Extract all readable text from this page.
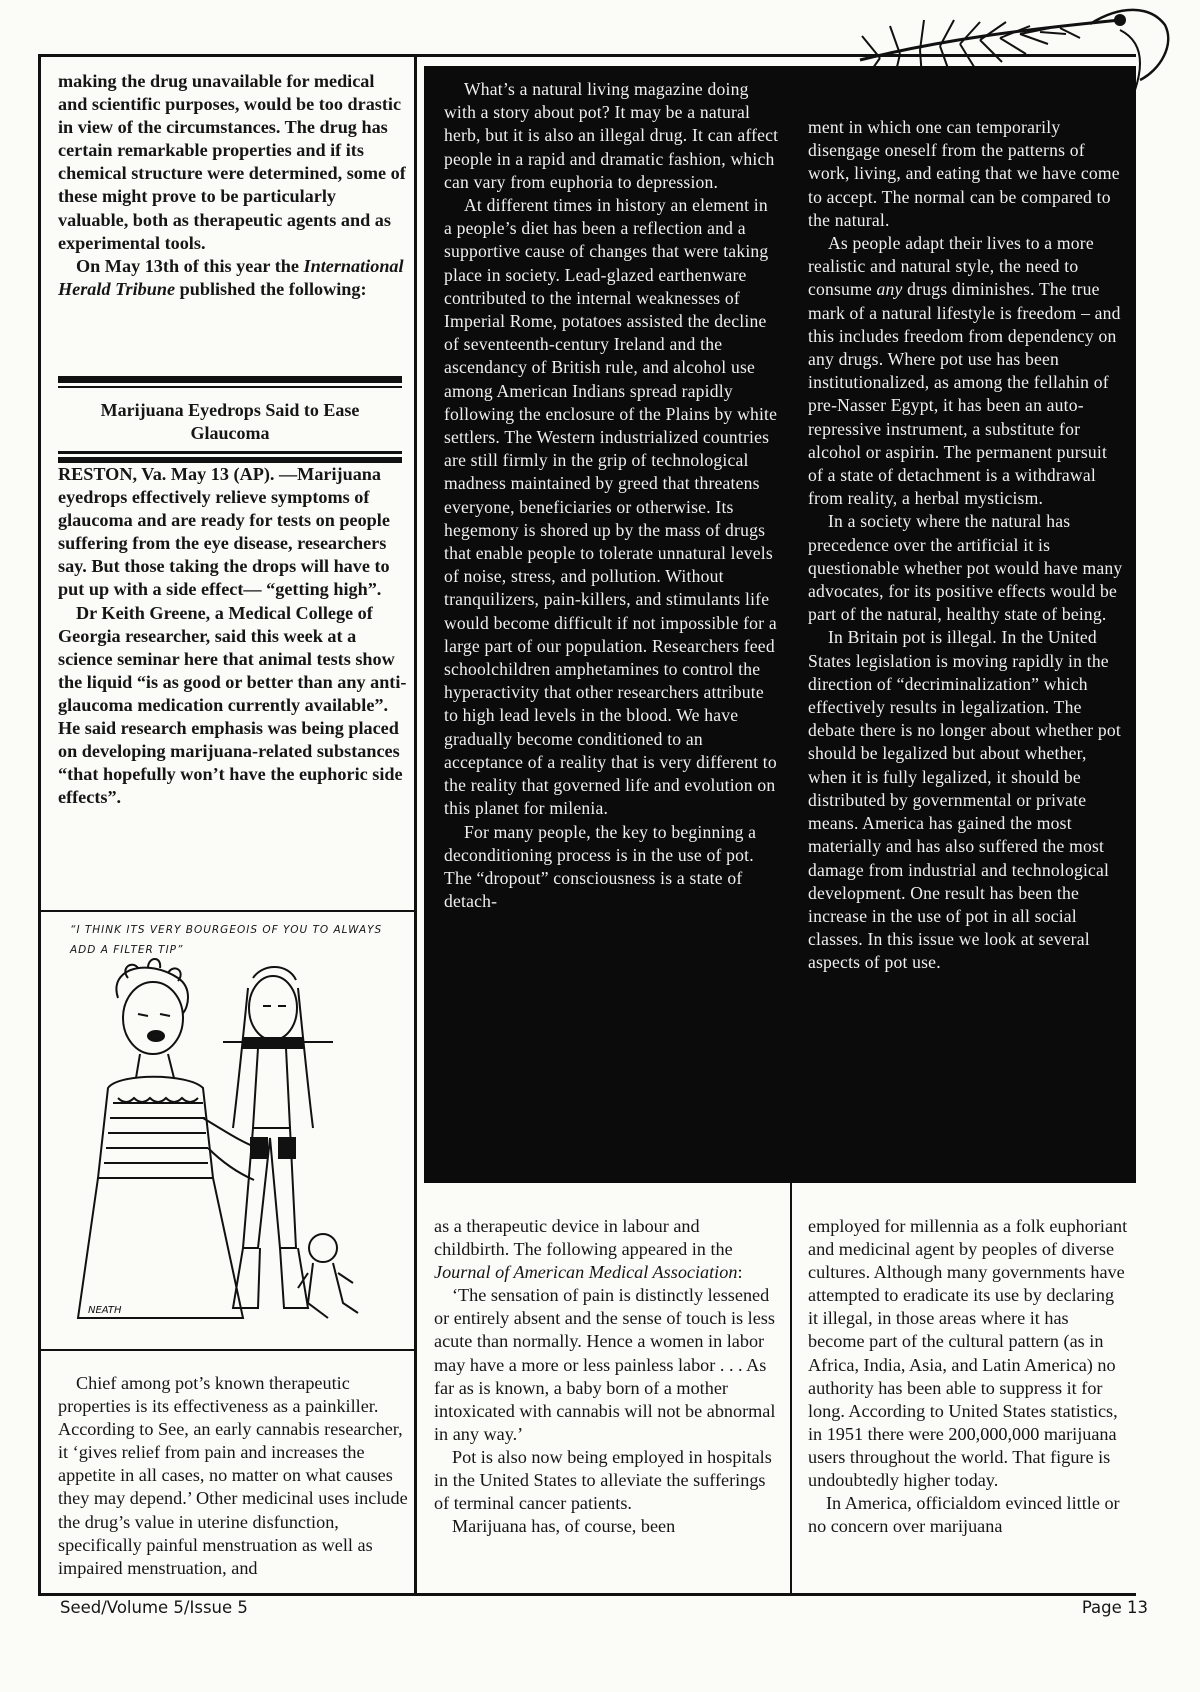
making the drug unavailable for medical and scientific purposes, would be too drastic in view of the circumstances. The drug has certain remarkable properties and if its chemical structure were determined, some of these might prove to be particularly valuable, both as therapeutic agents and as experimental tools.

On May 13th of this year the International Herald Tribune published the following:

Marijuana Eyedrops Said to Ease Glaucoma

RESTON, Va. May 13 (AP). —Marijuana eyedrops effectively relieve symptoms of glaucoma and are ready for tests on people suffering from the eye disease, researchers say. But those taking the drops will have to put up with a side effect— “getting high”.

Dr Keith Greene, a Medical College of Georgia researcher, said this week at a science seminar here that animal tests show the liquid “is as good or better than any anti-glaucoma medication currently available”. He said research emphasis was being placed on developing marijuana-related substances “that hopefully won’t have the euphoric side effects”.

“I THINK ITS VERY BOURGEOIS OF YOU TO ALWAYS ADD A FILTER TIP”
NEATH

Chief among pot’s known therapeutic properties is its effectiveness as a painkiller. According to See, an early cannabis researcher, it ‘gives relief from pain and increases the appetite in all cases, no matter on what causes they may depend.’ Other medicinal uses include the drug’s value in uterine disfunction, specifically painful menstruation as well as impaired menstruation, and

What’s a natural living magazine doing with a story about pot? It may be a natural herb, but it is also an illegal drug. It can affect people in a rapid and dramatic fashion, which can vary from euphoria to depression.

At different times in history an element in a people’s diet has been a reflection and a supportive cause of changes that were taking place in society. Lead-glazed earthenware contributed to the internal weaknesses of Imperial Rome, potatoes assisted the decline of seventeenth-century Ireland and the ascendancy of British rule, and alcohol use among American Indians spread rapidly following the enclosure of the Plains by white settlers. The Western industrialized countries are still firmly in the grip of technological madness maintained by greed that threatens everyone, beneficiaries or otherwise. Its hegemony is shored up by the mass of drugs that enable people to tolerate unnatural levels of noise, stress, and pollution. Without tranquilizers, pain-killers, and stimulants life would become difficult if not impossible for a large part of our population. Researchers feed schoolchildren amphetamines to control the hyperactivity that other researchers attribute to high lead levels in the blood. We have gradually become conditioned to an acceptance of a reality that is very different to the reality that governed life and evolution on this planet for milenia.

For many people, the key to beginning a deconditioning process is in the use of pot. The “dropout” consciousness is a state of detach-

ment in which one can temporarily disengage oneself from the patterns of work, living, and eating that we have come to accept. The normal can be compared to the natural.

As people adapt their lives to a more realistic and natural style, the need to consume any drugs diminishes. The true mark of a natural lifestyle is freedom – and this includes freedom from dependency on any drugs. Where pot use has been institutionalized, as among the fellahin of pre-Nasser Egypt, it has been an auto-repressive instrument, a substitute for alcohol or aspirin. The permanent pursuit of a state of detachment is a withdrawal from reality, a herbal mysticism.

In a society where the natural has precedence over the artificial it is questionable whether pot would have many advocates, for its positive effects would be part of the natural, healthy state of being.

In Britain pot is illegal. In the United States legislation is moving rapidly in the direction of “decriminalization” which effectively results in legalization. The debate there is no longer about whether pot should be legalized but about whether, when it is fully legalized, it should be distributed by governmental or private means. America has gained the most materially and has also suffered the most damage from industrial and technological development. One result has been the increase in the use of pot in all social classes. In this issue we look at several aspects of pot use.

as a therapeutic device in labour and childbirth. The following appeared in the Journal of American Medical Association:

‘The sensation of pain is distinctly lessened or entirely absent and the sense of touch is less acute than normally. Hence a women in labor may have a more or less painless labor . . . As far as is known, a baby born of a mother intoxicated with cannabis will not be abnormal in any way.’

Pot is also now being employed in hospitals in the United States to alleviate the sufferings of terminal cancer patients.

Marijuana has, of course, been

employed for millennia as a folk euphoriant and medicinal agent by peoples of diverse cultures. Although many governments have attempted to eradicate its use by declaring it illegal, in those areas where it has become part of the cultural pattern (as in Africa, India, Asia, and Latin America) no authority has been able to suppress it for long. According to United States statistics, in 1951 there were 200,000,000 marijuana users throughout the world. That figure is undoubtedly higher today.

In America, officialdom evinced little or no concern over marijuana

Seed/Volume 5/Issue 5	Page 13
